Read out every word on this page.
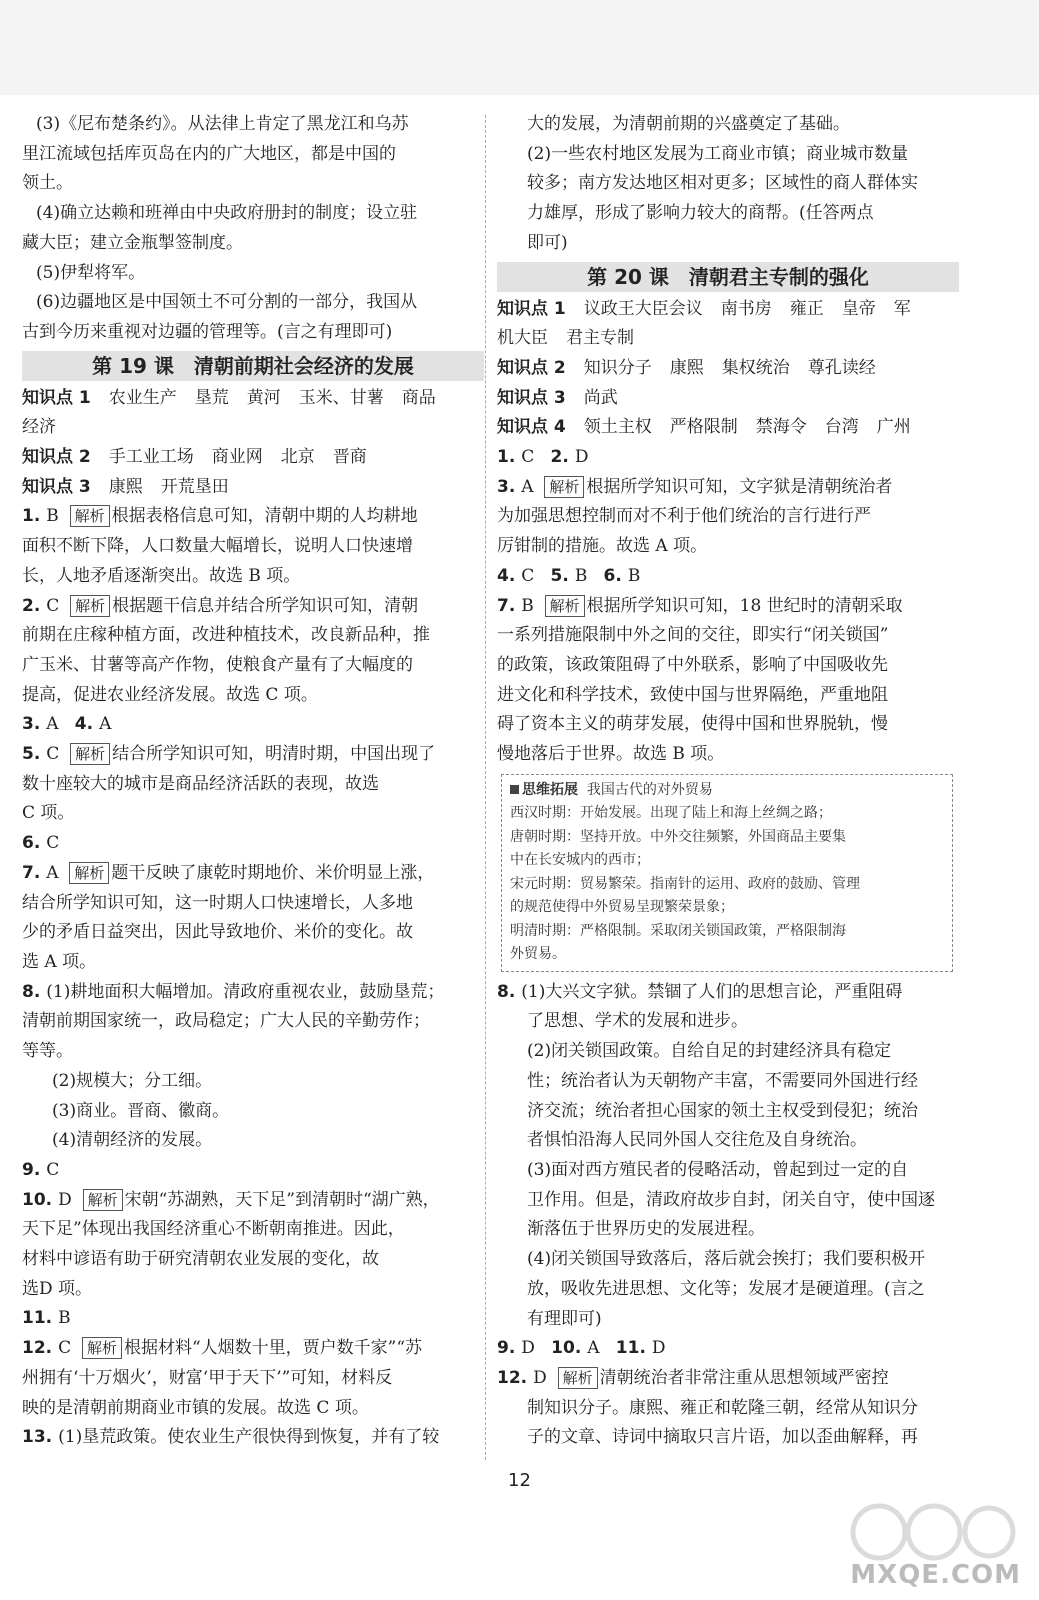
(3)《尼布楚条约》。从法律上肯定了黑龙江和乌苏
里江流域包括库页岛在内的广大地区，都是中国的
领土。
(4)确立达赖和班禅由中央政府册封的制度；设立驻
藏大臣；建立金瓶掣签制度。
(5)伊犁将军。
(6)边疆地区是中国领土不可分割的一部分，我国从
古到今历来重视对边疆的管理等。(言之有理即可)
第 19 课　清朝前期社会经济的发展
知识点 1 农业生产 垦荒 黄河 玉米、甘薯 商品
经济
知识点 2 手工业工场 商业网 北京 晋商
知识点 3 康熙 开荒垦田
1. B 解析 根据表格信息可知，清朝中期的人均耕地
面积不断下降，人口数量大幅增长，说明人口快速增
长，人地矛盾逐渐突出。故选 B 项。
2. C 解析 根据题干信息并结合所学知识可知，清朝
前期在庄稼种植方面，改进种植技术，改良新品种，推
广玉米、甘薯等高产作物，使粮食产量有了大幅度的
提高，促进农业经济发展。故选 C 项。
3. A 4. A
5. C 解析 结合所学知识可知，明清时期，中国出现了
数十座较大的城市是商品经济活跃的表现，故选
C 项。
6. C
7. A 解析 题干反映了康乾时期地价、米价明显上涨，
结合所学知识可知，这一时期人口快速增长，人多地
少的矛盾日益突出，因此导致地价、米价的变化。故
选 A 项。
8. (1)耕地面积大幅增加。清政府重视农业，鼓励垦荒；
清朝前期国家统一，政局稳定；广大人民的辛勤劳作；
等等。
(2)规模大；分工细。
(3)商业。晋商、徽商。
(4)清朝经济的发展。
9. C
10. D 解析 宋朝“苏湖熟，天下足”到清朝时“湖广熟，
天下足”体现出我国经济重心不断朝南推进。因此，
材料中谚语有助于研究清朝农业发展的变化，故
选D 项。
11. B
12. C 解析 根据材料“人烟数十里，贾户数千家”“苏
州拥有‘十万烟火’，财富‘甲于天下’”可知，材料反
映的是清朝前期商业市镇的发展。故选 C 项。
13. (1)垦荒政策。使农业生产很快得到恢复，并有了较
大的发展，为清朝前期的兴盛奠定了基础。
(2)一些农村地区发展为工商业市镇；商业城市数量
较多；南方发达地区相对更多；区域性的商人群体实
力雄厚，形成了影响力较大的商帮。(任答两点
即可)
第 20 课　清朝君主专制的强化
知识点 1 议政王大臣会议 南书房 雍正 皇帝 军
机大臣 君主专制
知识点 2 知识分子 康熙 集权统治 尊孔读经
知识点 3 尚武
知识点 4 领土主权 严格限制 禁海令 台湾 广州
1. C 2. D
3. A 解析 根据所学知识可知，文字狱是清朝统治者
为加强思想控制而对不利于他们统治的言行进行严
厉钳制的措施。故选 A 项。
4. C 5. B 6. B
7. B 解析 根据所学知识可知，18 世纪时的清朝采取
一系列措施限制中外之间的交往，即实行“闭关锁国”
的政策，该政策阻碍了中外联系，影响了中国吸收先
进文化和科学技术，致使中国与世界隔绝，严重地阻
碍了资本主义的萌芽发展，使得中国和世界脱轨，慢
慢地落后于世界。故选 B 项。
思维拓展 我国古代的对外贸易
西汉时期：开始发展。出现了陆上和海上丝绸之路；
唐朝时期：坚持开放。中外交往频繁，外国商品主要集
中在长安城内的西市；
宋元时期：贸易繁荣。指南针的运用、政府的鼓励、管理
的规范使得中外贸易呈现繁荣景象；
明清时期：严格限制。采取闭关锁国政策，严格限制海
外贸易。
8. (1)大兴文字狱。禁锢了人们的思想言论，严重阻碍
了思想、学术的发展和进步。
(2)闭关锁国政策。自给自足的封建经济具有稳定
性；统治者认为天朝物产丰富，不需要同外国进行经
济交流；统治者担心国家的领土主权受到侵犯；统治
者惧怕沿海人民同外国人交往危及自身统治。
(3)面对西方殖民者的侵略活动，曾起到过一定的自
卫作用。但是，清政府故步自封，闭关自守，使中国逐
渐落伍于世界历史的发展进程。
(4)闭关锁国导致落后，落后就会挨打；我们要积极开
放，吸收先进思想、文化等；发展才是硬道理。(言之
有理即可)
9. D 10. A 11. D
12. D 解析 清朝统治者非常注重从思想领域严密控
制知识分子。康熙、雍正和乾隆三朝，经常从知识分
子的文章、诗词中摘取只言片语，加以歪曲解释，再
12
MXQE.COM
